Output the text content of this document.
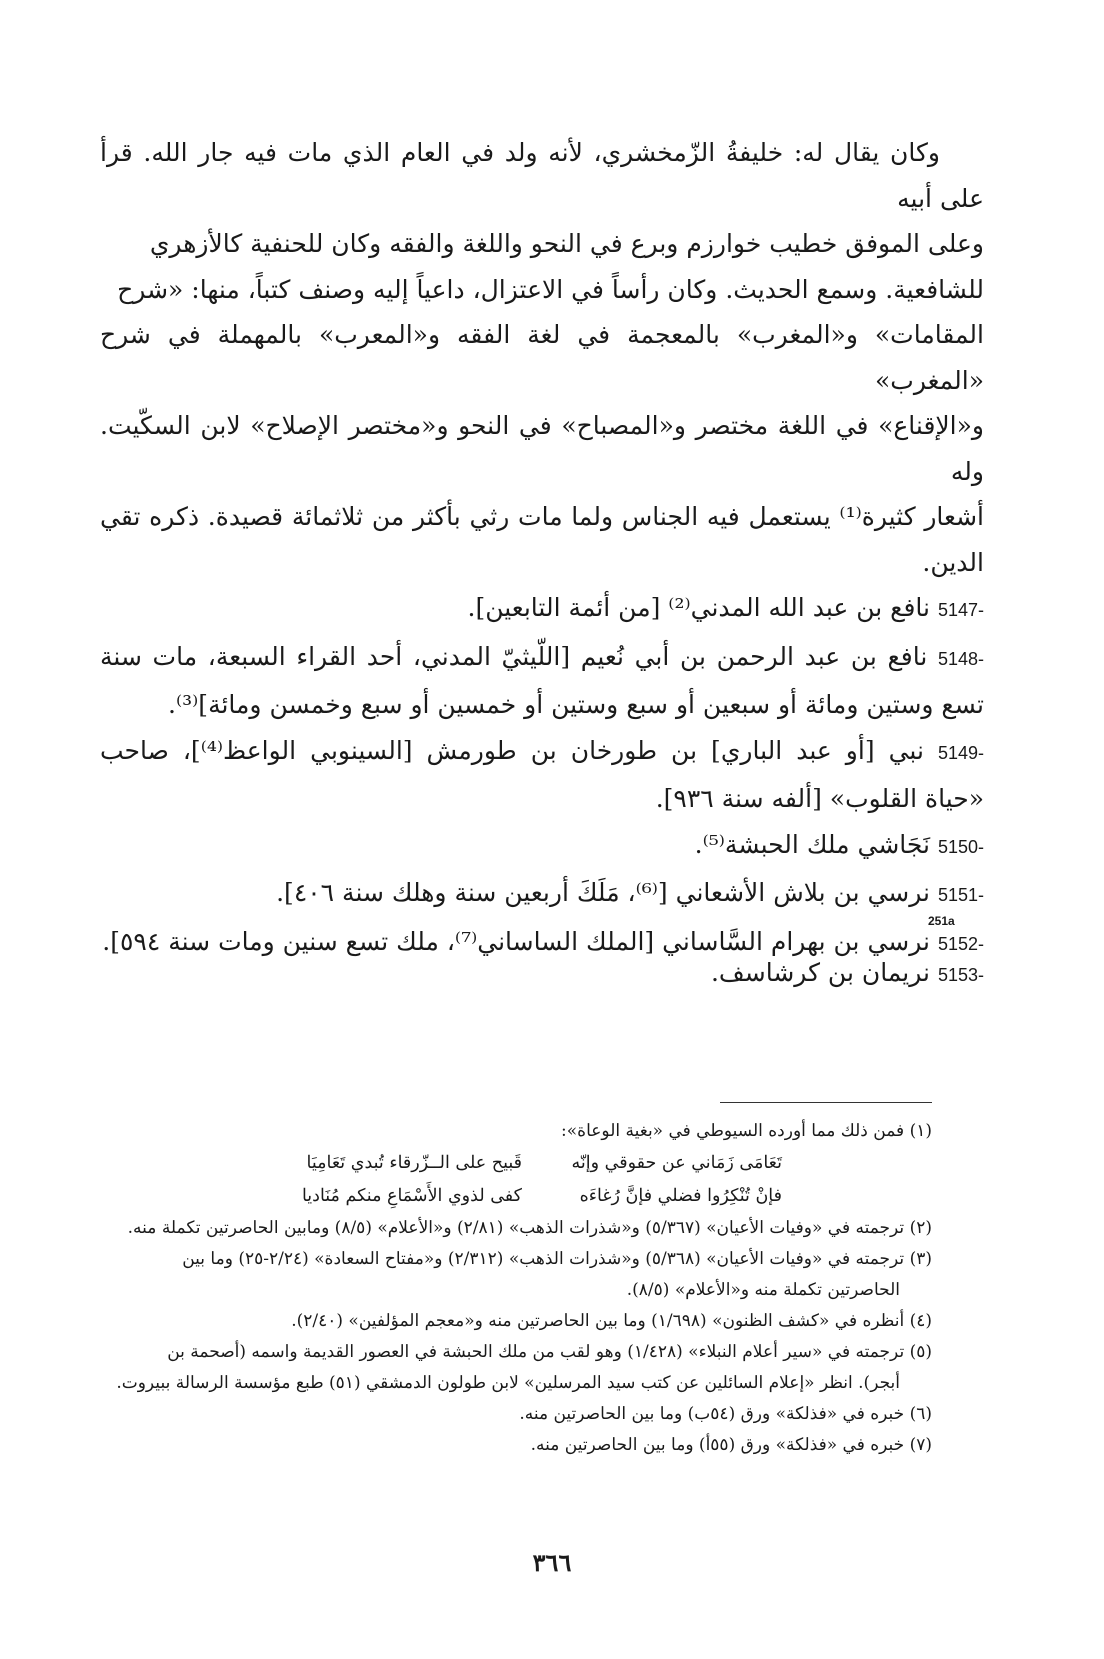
وكان يقال له: خليفةُ الزّمخشري، لأنه ولد في العام الذي مات فيه جار الله. قرأ على أبيه

وعلى الموفق خطيب خوارزم وبرع في النحو واللغة والفقه وكان للحنفية كالأزهري

للشافعية. وسمع الحديث. وكان رأساً في الاعتزال، داعياً إليه وصنف كتباً، منها: «شرح

المقامات» و«المغرب» بالمعجمة في لغة الفقه و«المعرب» بالمهملة في شرح «المغرب»

و«الإقناع» في اللغة مختصر و«المصباح» في النحو و«مختصر الإصلاح» لابن السكّيت. وله

أشعار كثيرة⁽¹⁾ يستعمل فيه الجناس ولما مات رثي بأكثر من ثلاثمائة قصيدة. ذكره تقي الدين.

5147- نافع بن عبد الله المدني⁽²⁾ [من أئمة التابعين].

5148- نافع بن عبد الرحمن بن أبي نُعيم [اللّيثيّ المدني، أحد القراء السبعة، مات سنة تسع وستين ومائة أو سبعين أو سبع وستين أو خمسين أو سبع وخمسن ومائة]⁽³⁾.

5149- نبي [أو عبد الباري] بن طورخان بن طورمش [السينوبي الواعظ⁽⁴⁾]، صاحب «حياة القلوب» [ألفه سنة ٩٣٦].

5150- نَجَاشي ملك الحبشة⁽⁵⁾.

5151- نرسي بن بلاش الأشعاني [⁽⁶⁾، مَلَكَ أربعين سنة وهلك سنة ٤٠٦].

5152- نرسي بن بهرام السَّاساني [الملك الساساني⁽⁷⁾، ملك تسع سنين ومات سنة ٥٩٤].

251a

5153- نريمان بن كرشاسف.

(١) فمن ذلك مما أورده السيوطي في «بغية الوعاة»:

تَعَامَى زَمَاني عن حقوقي وإنّه
قَبيح على الــزّرقاء تُبدي تَعَامِيَا
فإنْ تُنْكِرُوا فضلي فإنَّ رُغاءَه
كفى لذوي الأَسْمَاعِ منكم مُنَاديا

(٢) ترجمته في «وفيات الأعيان» (٥/٣٦٧) و«شذرات الذهب» (٢/٨١) و«الأعلام» (٨/٥) ومابين الحاصرتين تكملة منه.

(٣) ترجمته في «وفيات الأعيان» (٥/٣٦٨) و«شذرات الذهب» (٢/٣١٢) و«مفتاح السعادة» (٢/٢٤-٢٥) وما بين

الحاصرتين تكملة منه و«الأعلام» (٨/٥).

(٤) أنظره في «كشف الظنون» (١/٦٩٨) وما بين الحاصرتين منه و«معجم المؤلفين» (٢/٤٠).

(٥) ترجمته في «سير أعلام النبلاء» (١/٤٢٨) وهو لقب من ملك الحبشة في العصور القديمة واسمه (أصحمة بن

أبجر). انظر «إعلام السائلين عن كتب سيد المرسلين» لابن طولون الدمشقي (٥١) طبع مؤسسة الرسالة ببيروت.

(٦) خبره في «فذلكة» ورق (٥٤ب) وما بين الحاصرتين منه.

(٧) خبره في «فذلكة» ورق (٥٥أ) وما بين الحاصرتين منه.

٣٦٦
